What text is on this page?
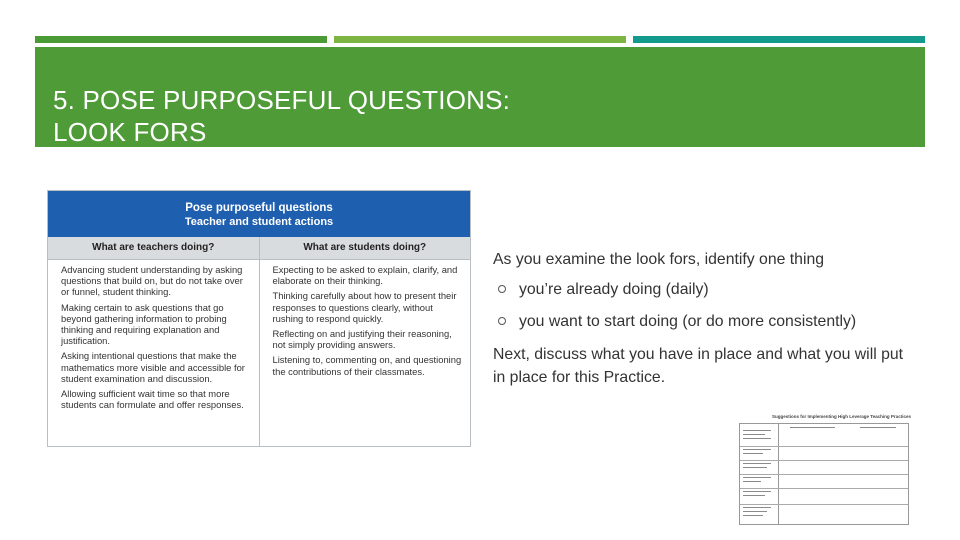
5. POSE PURPOSEFUL QUESTIONS:
LOOK FORS
Pose purposeful questions
Teacher and student actions
What are teachers doing?	What are students doing?

Advancing student understanding by asking questions that build on, but do not take over or funnel, student thinking.

Making certain to ask questions that go beyond gathering information to probing thinking and requiring explanation and justification.

Asking intentional questions that make the mathematics more visible and accessible for student examination and discussion.

Allowing sufficient wait time so that more students can formulate and offer responses.

Expecting to be asked to explain, clarify, and elaborate on their thinking.

Thinking carefully about how to present their responses to questions clearly, without rushing to respond quickly.

Reflecting on and justifying their reasoning, not simply providing answers.

Listening to, commenting on, and questioning the contributions of their classmates.

As you examine the look fors, identify one thing

you’re already doing (daily)
you want to start doing (or do more consistently)

Next, discuss what you have in place and what you will put in place for this Practice.

Suggestions for Implementing High Leverage Teaching Practices
